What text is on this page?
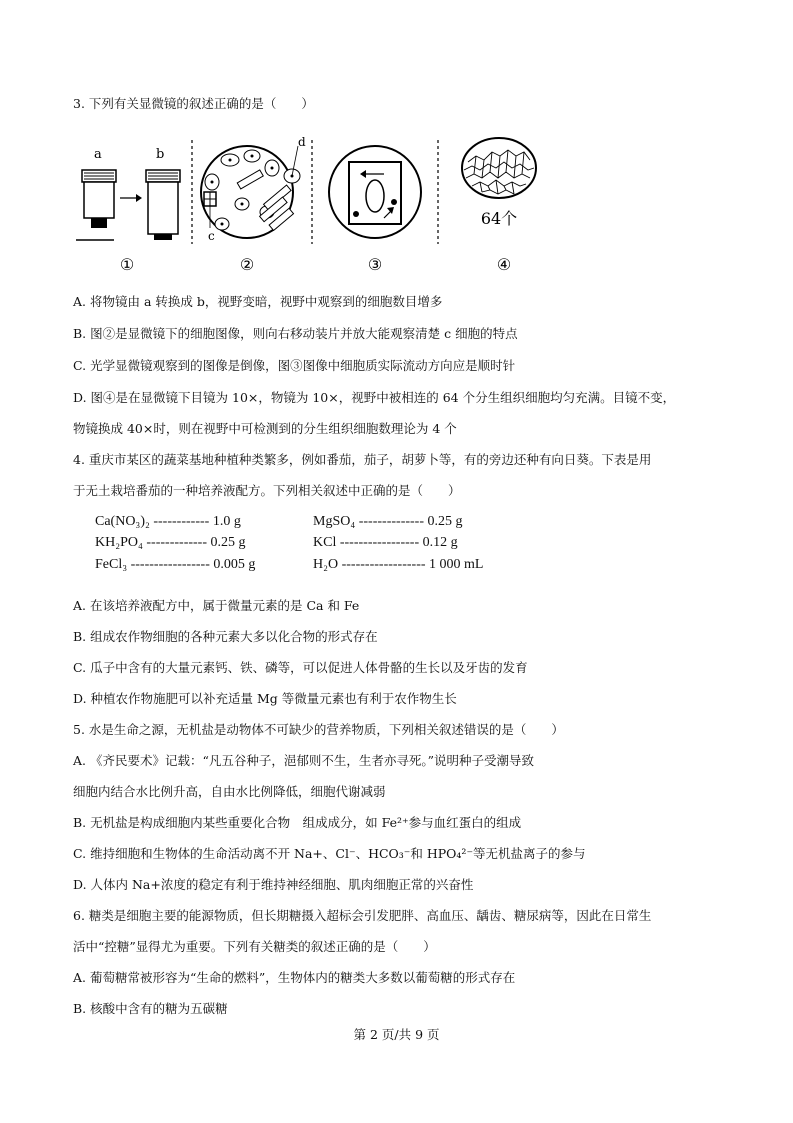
3. 下列有关显微镜的叙述正确的是（　　）
a	b
①
c
d
②	③
64个
④
A. 将物镜由 a 转换成 b，视野变暗，视野中观察到的细胞数目增多
B. 图②是显微镜下的细胞图像，则向右移动装片并放大能观察清楚 c 细胞的特点
C. 光学显微镜观察到的图像是倒像，图③图像中细胞质实际流动方向应是顺时针
D. 图④是在显微镜下目镜为 10×，物镜为 10×，视野中被相连的 64 个分生组织细胞均匀充满。目镜不变，
物镜换成 40×时，则在视野中可检测到的分生组织细胞数理论为 4 个
4. 重庆市某区的蔬菜基地种植种类繁多，例如番茄，茄子，胡萝卜等，有的旁边还种有向日葵。下表是用
于无土栽培番茄的一种培养液配方。下列相关叙述中正确的是（　　）
Ca(NO₃)₂ ------------ 1.0 g	MgSO₄ -------------- 0.25 g
KH₂PO₄ ------------- 0.25 g	KCl ----------------- 0.12 g
FeCl₃ ----------------- 0.005 g	H₂O ------------------ 1 000 mL
A. 在该培养液配方中，属于微量元素的是 Ca 和 Fe
B. 组成农作物细胞的各种元素大多以化合物的形式存在
C. 瓜子中含有的大量元素钙、铁、磷等，可以促进人体骨骼的生长以及牙齿的发育
D. 种植农作物施肥可以补充适量 Mg 等微量元素也有利于农作物生长
5. 水是生命之源，无机盐是动物体不可缺少的营养物质，下列相关叙述错误的是（　　）
A. 《齐民要术》记载：“凡五谷种子，浥郁则不生，生者亦寻死。”说明种子受潮导致
细胞内结合水比例升高，自由水比例降低，细胞代谢减弱
B. 无机盐是构成细胞内某些重要化合物　组成成分，如 Fe²⁺参与血红蛋白的组成
C. 维持细胞和生物体的生命活动离不开 Na+、Cl⁻、HCO₃⁻和 HPO₄²⁻等无机盐离子的参与
D. 人体内 Na+浓度的稳定有利于维持神经细胞、肌肉细胞正常的兴奋性
6. 糖类是细胞主要的能源物质，但长期糖摄入超标会引发肥胖、高血压、龋齿、糖尿病等，因此在日常生
活中“控糖”显得尤为重要。下列有关糖类的叙述正确的是（　　）
A. 葡萄糖常被形容为“生命的燃料”，生物体内的糖类大多数以葡萄糖的形式存在
B. 核酸中含有的糖为五碳糖
第 2 页/共 9 页
